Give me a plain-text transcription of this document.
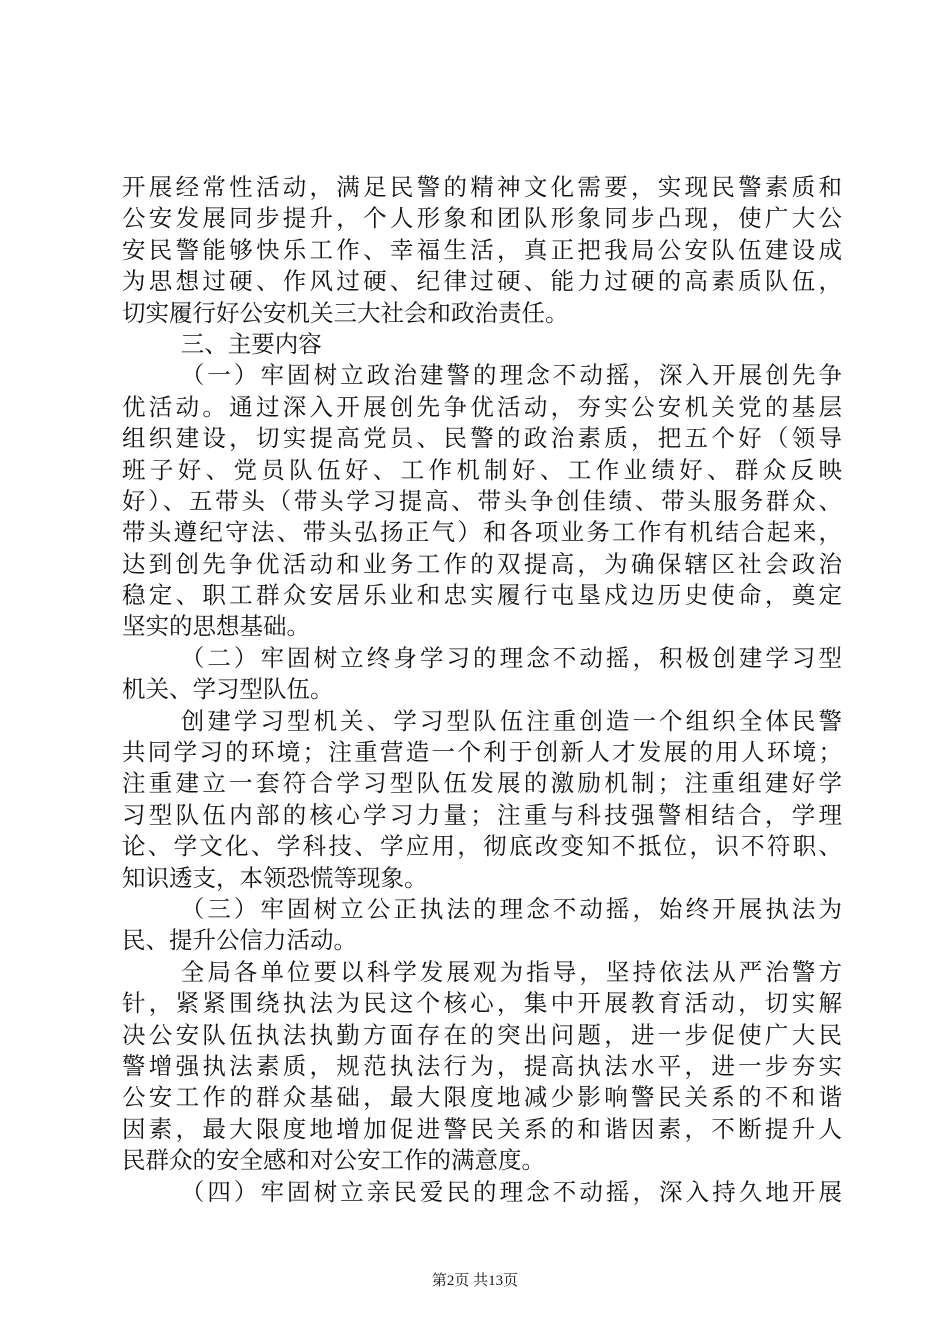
开展经常性活动，满足民警的精神文化需要，实现民警素质和
公安发展同步提升，个人形象和团队形象同步凸现，使广大公
安民警能够快乐工作、幸福生活，真正把我局公安队伍建设成
为思想过硬、作风过硬、纪律过硬、能力过硬的高素质队伍，
切实履行好公安机关三大社会和政治责任。
三、主要内容
（一）牢固树立政治建警的理念不动摇，深入开展创先争
优活动。通过深入开展创先争优活动，夯实公安机关党的基层
组织建设，切实提高党员、民警的政治素质，把五个好（领导
班子好、党员队伍好、工作机制好、工作业绩好、群众反映
好）、五带头（带头学习提高、带头争创佳绩、带头服务群众、
带头遵纪守法、带头弘扬正气）和各项业务工作有机结合起来，
达到创先争优活动和业务工作的双提高，为确保辖区社会政治
稳定、职工群众安居乐业和忠实履行屯垦戍边历史使命，奠定
坚实的思想基础。
（二）牢固树立终身学习的理念不动摇，积极创建学习型
机关、学习型队伍。
创建学习型机关、学习型队伍注重创造一个组织全体民警
共同学习的环境；注重营造一个利于创新人才发展的用人环境；
注重建立一套符合学习型队伍发展的激励机制；注重组建好学
习型队伍内部的核心学习力量；注重与科技强警相结合，学理
论、学文化、学科技、学应用，彻底改变知不抵位，识不符职、
知识透支，本领恐慌等现象。
（三）牢固树立公正执法的理念不动摇，始终开展执法为
民、提升公信力活动。
全局各单位要以科学发展观为指导，坚持依法从严治警方
针，紧紧围绕执法为民这个核心，集中开展教育活动，切实解
决公安队伍执法执勤方面存在的突出问题，进一步促使广大民
警增强执法素质，规范执法行为，提高执法水平，进一步夯实
公安工作的群众基础，最大限度地减少影响警民关系的不和谐
因素，最大限度地增加促进警民关系的和谐因素，不断提升人
民群众的安全感和对公安工作的满意度。
（四）牢固树立亲民爱民的理念不动摇，深入持久地开展
第2页 共13页
